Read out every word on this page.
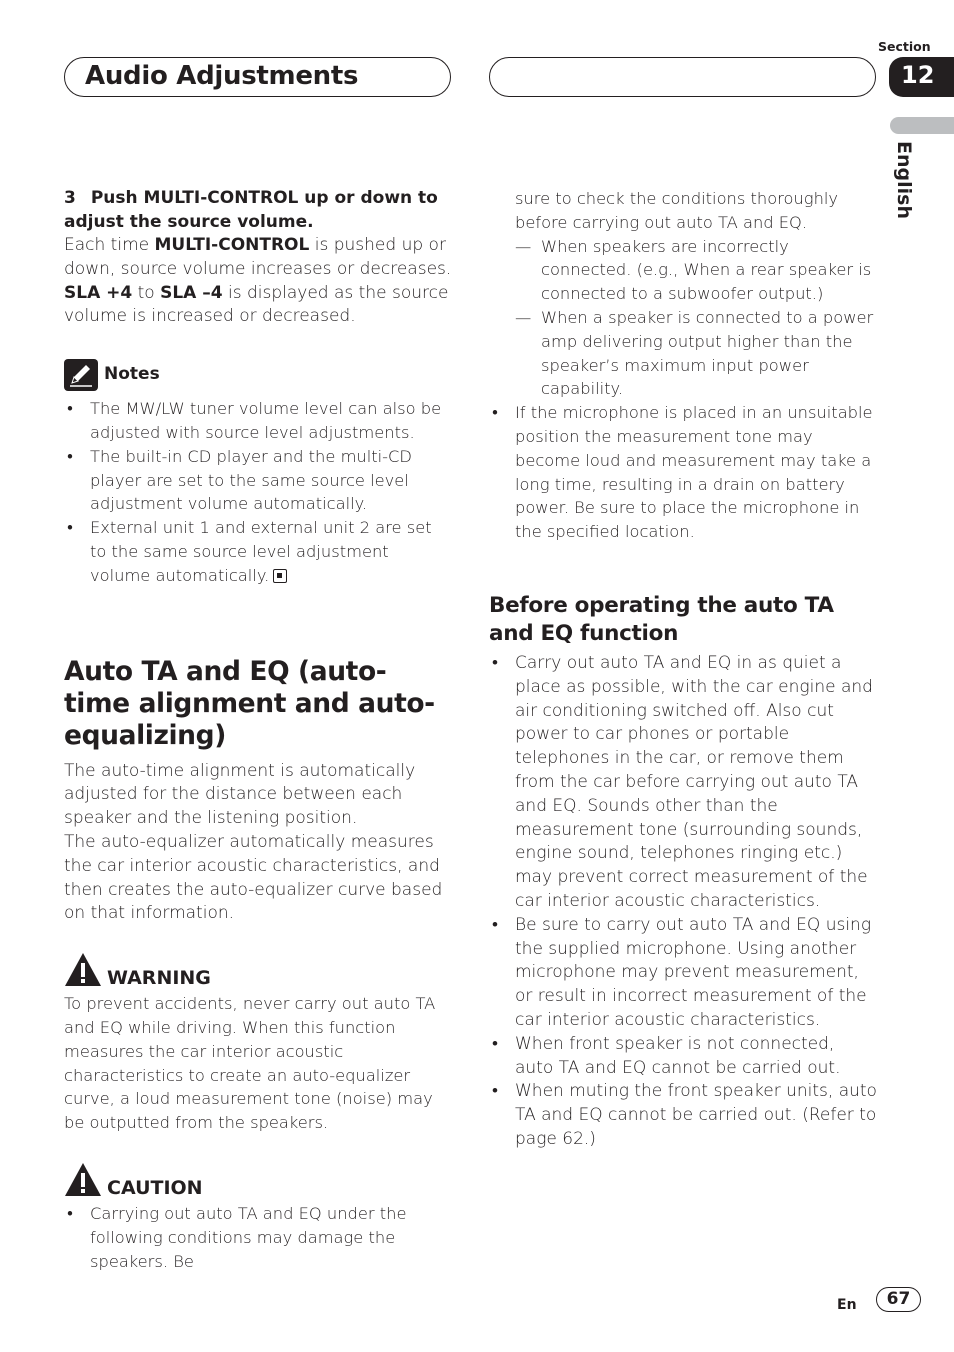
Audio Adjustments
Section
12
English
3 Push MULTI-CONTROL up or down to adjust the source volume.
Each time MULTI-CONTROL is pushed up or down, source volume increases or decreases.
SLA +4 to SLA –4 is displayed as the source volume is increased or decreased.
Notes
• The MW/LW tuner volume level can also be adjusted with source level adjustments.
• The built-in CD player and the multi-CD player are set to the same source level adjustment volume automatically.
• External unit 1 and external unit 2 are set to the same source level adjustment volume automatically.
Auto TA and EQ (auto-time alignment and auto-equalizing)
The auto-time alignment is automatically adjusted for the distance between each speaker and the listening position.
The auto-equalizer automatically measures the car interior acoustic characteristics, and then creates the auto-equalizer curve based on that information.
WARNING
To prevent accidents, never carry out auto TA and EQ while driving. When this function measures the car interior acoustic characteristics to create an auto-equalizer curve, a loud measurement tone (noise) may be outputted from the speakers.
CAUTION
• Carrying out auto TA and EQ under the following conditions may damage the speakers. Be
sure to check the conditions thoroughly before carrying out auto TA and EQ.
— When speakers are incorrectly connected. (e.g., When a rear speaker is connected to a subwoofer output.)
— When a speaker is connected to a power amp delivering output higher than the speaker’s maximum input power capability.
• If the microphone is placed in an unsuitable position the measurement tone may become loud and measurement may take a long time, resulting in a drain on battery power. Be sure to place the microphone in the specified location.
Before operating the auto TA and EQ function
• Carry out auto TA and EQ in as quiet a place as possible, with the car engine and air conditioning switched off. Also cut power to car phones or portable telephones in the car, or remove them from the car before carrying out auto TA and EQ. Sounds other than the measurement tone (surrounding sounds, engine sound, telephones ringing etc.) may prevent correct measurement of the car interior acoustic characteristics.
• Be sure to carry out auto TA and EQ using the supplied microphone. Using another microphone may prevent measurement, or result in incorrect measurement of the car interior acoustic characteristics.
• When front speaker is not connected, auto TA and EQ cannot be carried out.
• When muting the front speaker units, auto TA and EQ cannot be carried out. (Refer to page 62.)
En	67
